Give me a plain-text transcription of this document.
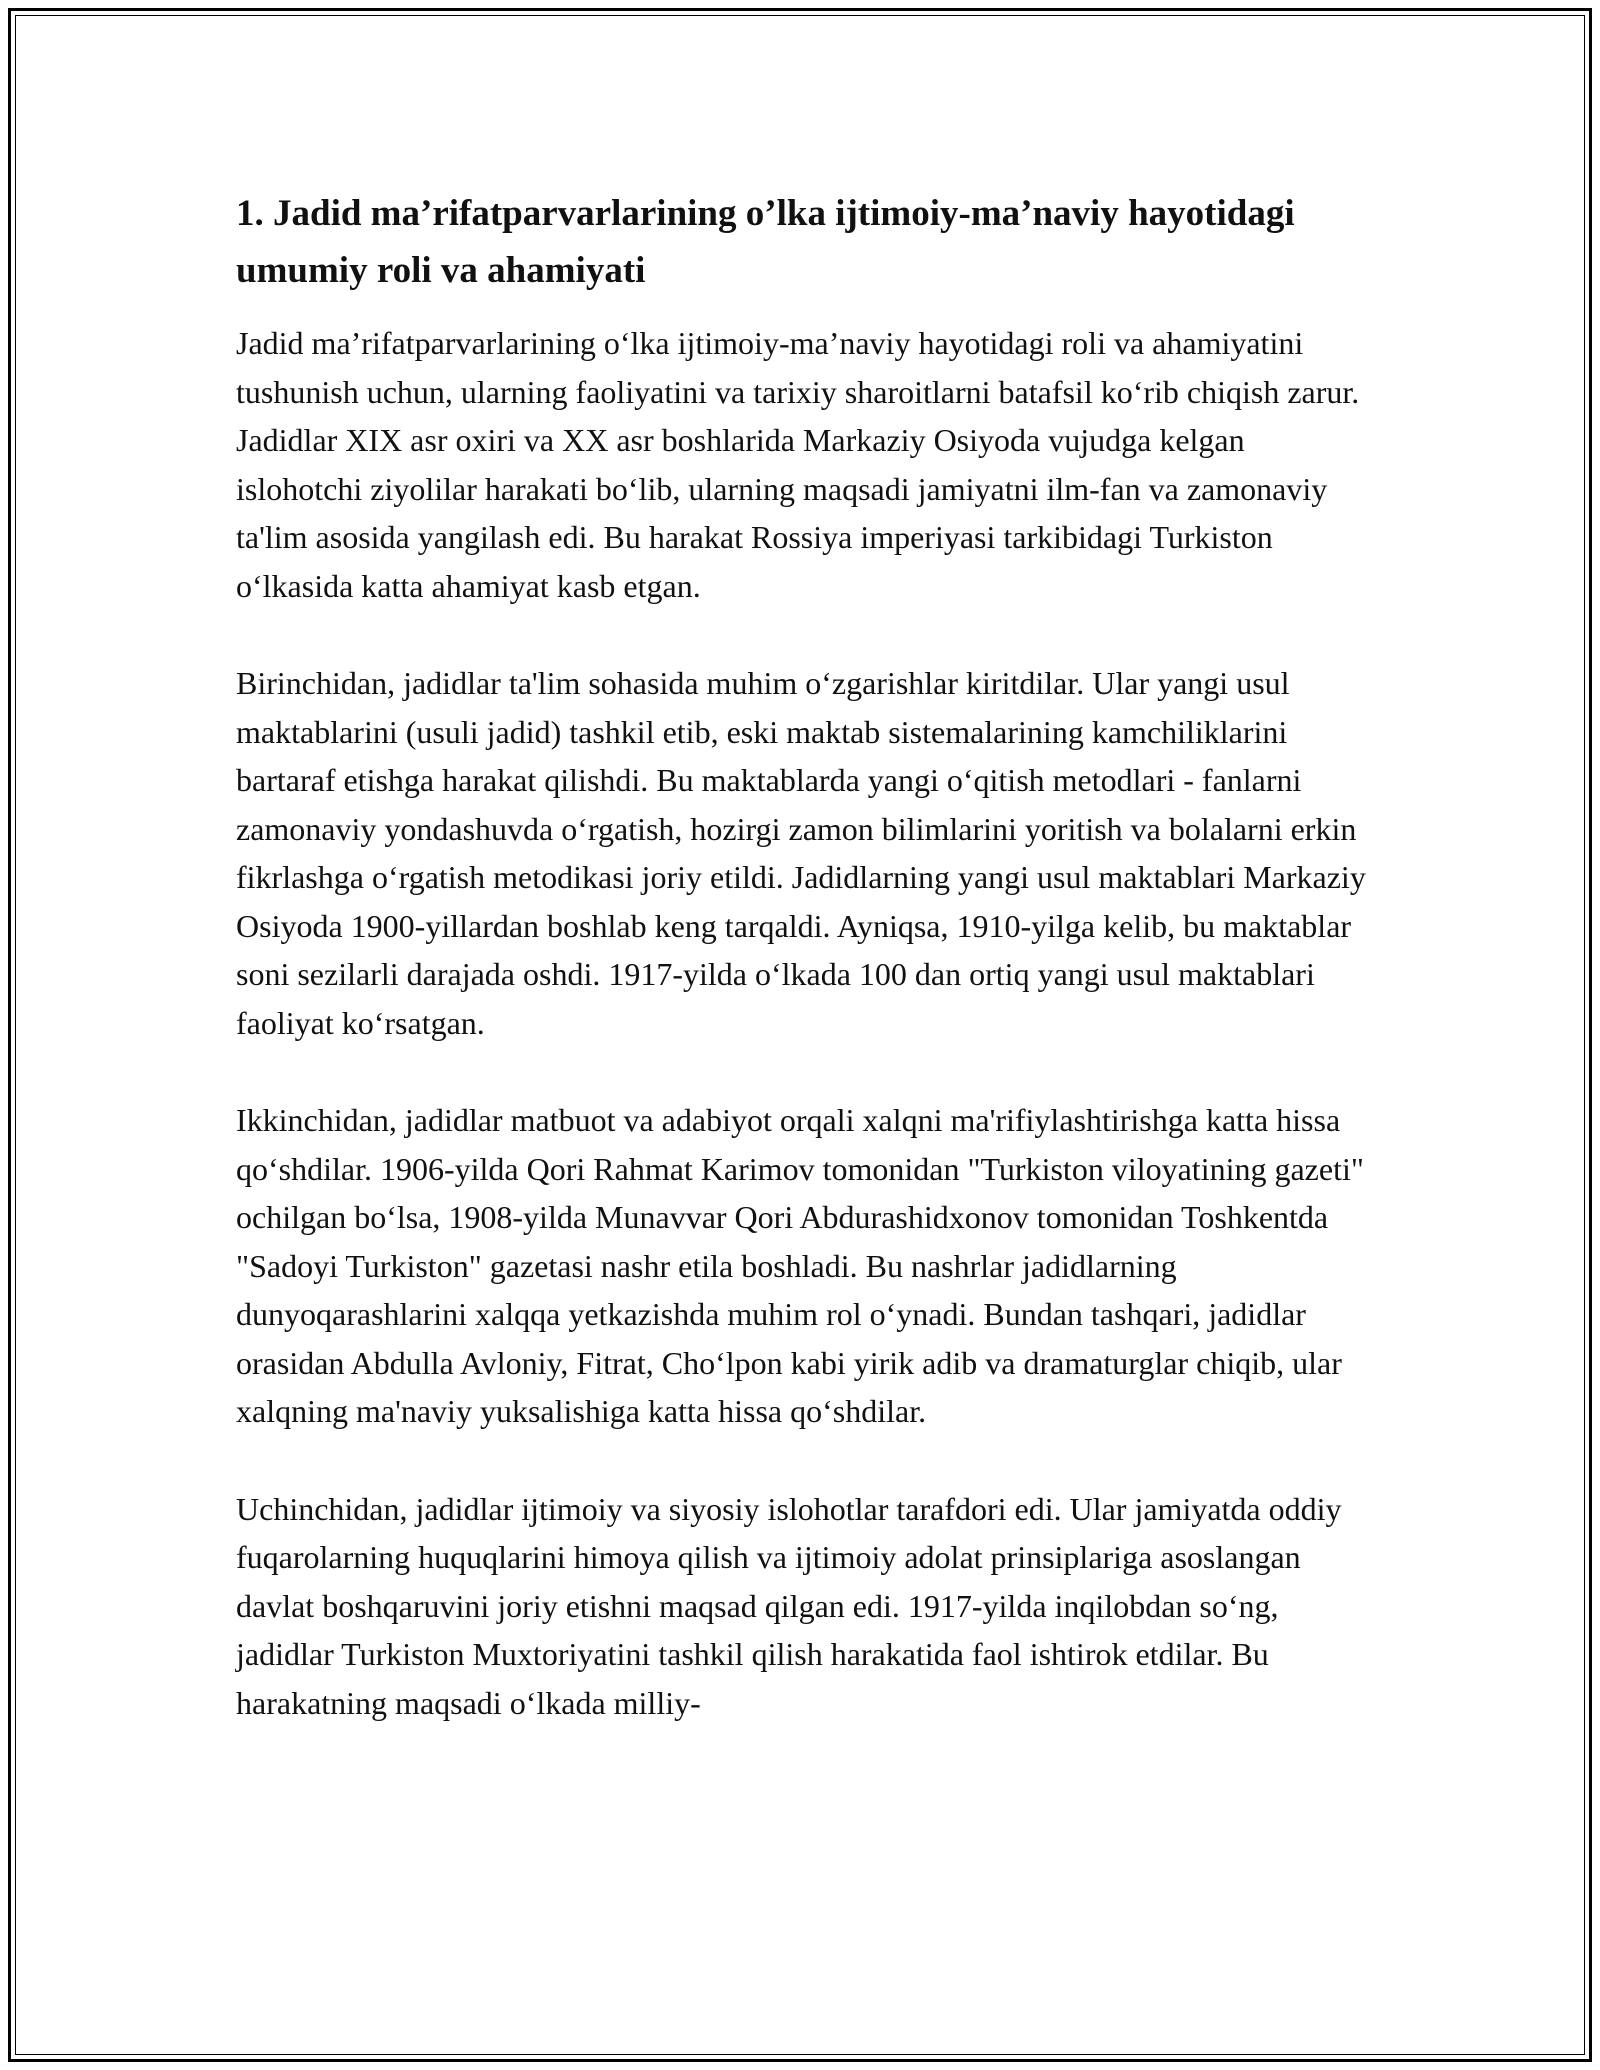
1. Jadid ma’rifatparvarlarining o’lka ijtimoiy-ma’naviy hayotidagi umumiy roli va ahamiyati

Jadid ma’rifatparvarlarining oʻlka ijtimoiy-ma’naviy hayotidagi roli va ahamiyatini tushunish uchun, ularning faoliyatini va tarixiy sharoitlarni batafsil koʻrib chiqish zarur. Jadidlar XIX asr oxiri va XX asr boshlarida Markaziy Osiyoda vujudga kelgan islohotchi ziyolilar harakati boʻlib, ularning maqsadi jamiyatni ilm-fan va zamonaviy ta'lim asosida yangilash edi. Bu harakat Rossiya imperiyasi tarkibidagi Turkiston oʻlkasida katta ahamiyat kasb etgan.

Birinchidan, jadidlar ta'lim sohasida muhim oʻzgarishlar kiritdilar. Ular yangi usul maktablarini (usuli jadid) tashkil etib, eski maktab sistemalarining kamchiliklarini bartaraf etishga harakat qilishdi. Bu maktablarda yangi oʻqitish metodlari - fanlarni zamonaviy yondashuvda oʻrgatish, hozirgi zamon bilimlarini yoritish va bolalarni erkin fikrlashga oʻrgatish metodikasi joriy etildi. Jadidlarning yangi usul maktablari Markaziy Osiyoda 1900-yillardan boshlab keng tarqaldi. Ayniqsa, 1910-yilga kelib, bu maktablar soni sezilarli darajada oshdi. 1917-yilda oʻlkada 100 dan ortiq yangi usul maktablari faoliyat koʻrsatgan.

Ikkinchidan, jadidlar matbuot va adabiyot orqali xalqni ma'rifiylashtirishga katta hissa qoʻshdilar. 1906-yilda Qori Rahmat Karimov tomonidan "Turkiston viloyatining gazeti" ochilgan boʻlsa, 1908-yilda Munavvar Qori Abdurashidxonov tomonidan Toshkentda "Sadoyi Turkiston" gazetasi nashr etila boshladi. Bu nashrlar jadidlarning dunyoqarashlarini xalqqa yetkazishda muhim rol oʻynadi. Bundan tashqari, jadidlar orasidan Abdulla Avloniy, Fitrat, Choʻlpon kabi yirik adib va dramaturglar chiqib, ular xalqning ma'naviy yuksalishiga katta hissa qoʻshdilar.

Uchinchidan, jadidlar ijtimoiy va siyosiy islohotlar tarafdori edi. Ular jamiyatda oddiy fuqarolarning huquqlarini himoya qilish va ijtimoiy adolat prinsiplariga asoslangan davlat boshqaruvini joriy etishni maqsad qilgan edi. 1917-yilda inqilobdan soʻng, jadidlar Turkiston Muxtoriyatini tashkil qilish harakatida faol ishtirok etdilar. Bu harakatning maqsadi oʻlkada milliy-
